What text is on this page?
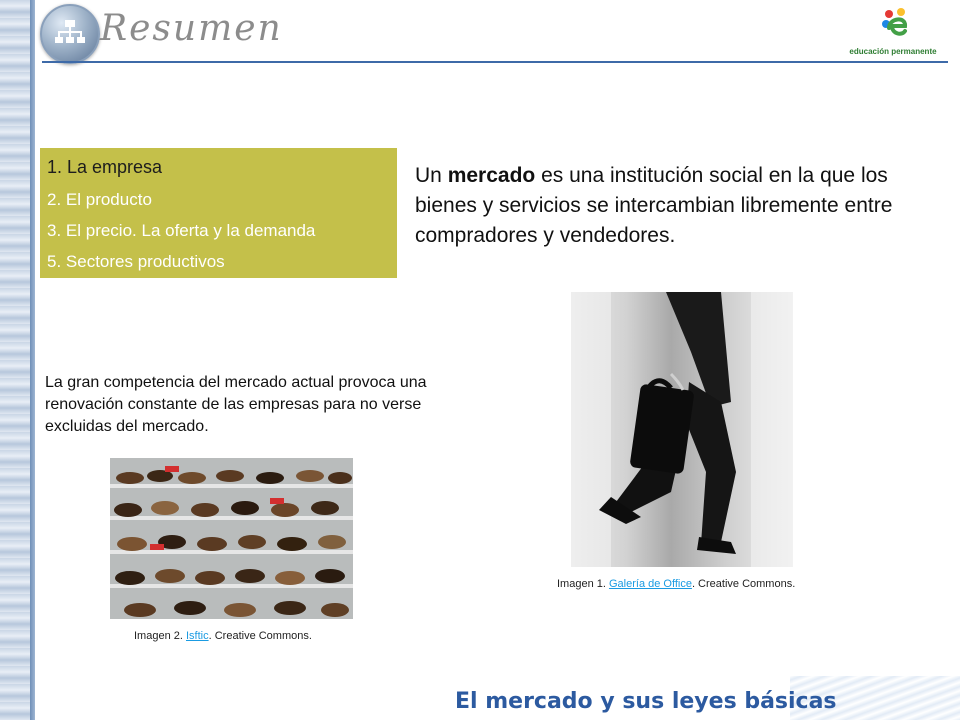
Resumen
educación permanente
1. La empresa
2. El producto
3. El precio. La oferta y la demanda
5. Sectores productivos
Un mercado es una institución social en la que los bienes y servicios se intercambian libremente entre compradores y vendedores.
La gran competencia del mercado actual provoca una renovación constante de las empresas para no verse excluidas del mercado.
Imagen 1. Galería de Office. Creative Commons.
Imagen 2. Isftic. Creative Commons.
El mercado y sus leyes básicas
